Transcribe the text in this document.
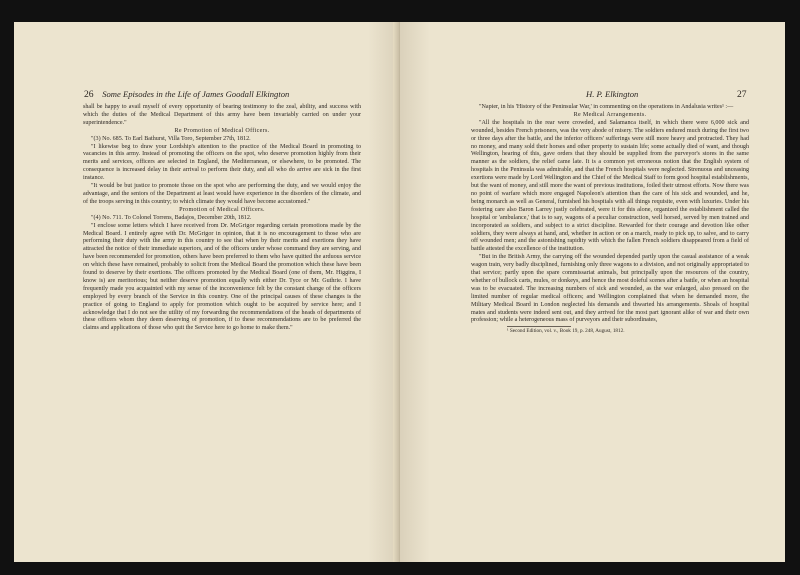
26 Some Episodes in the Life of James Goodall Elkington

shall be happy to avail myself of every opportunity of bearing testimony to the zeal, ability, and success with which the duties of the Medical Department of this army have been invariably carried on under your superintendence."

Re Promotion of Medical Officers.

"(3) No. 685. To Earl Bathurst, Villa Toro, September 27th, 1812.

"I likewise beg to draw your Lordship's attention to the practice of the Medical Board in promoting to vacancies in this army. Instead of promoting the officers on the spot, who deserve promotion highly from their merits and services, officers are selected in England, the Mediterranean, or elsewhere, to be promoted. The consequence is increased delay in their arrival to perform their duty, and all who do arrive are sick in the first instance.

"It would be but justice to promote those on the spot who are performing the duty, and we would enjoy the advantage, and the seniors of the Department at least would have experience in the disorders of the climate, and of the troops serving in this country; to which climate they would have become accustomed."

Promotion of Medical Officers.

"(4) No. 711. To Colonel Torrens, Badajos, December 20th, 1812.

"I enclose some letters which I have received from Dr. McGrigor regarding certain promotions made by the Medical Board. I entirely agree with Dr. McGrigor in opinion, that it is no encouragement to those who are performing their duty with the army in this country to see that when by their merits and exertions they have attracted the notice of their immediate superiors, and of the officers under whose command they are serving, and have been recommended for promotion, others have been preferred to them who have quitted the arduous service on which these have remained, probably to solicit from the Medical Board the promotion which these have been found to deserve by their exertions. The officers promoted by the Medical Board (one of them, Mr. Higgins, I know is) are meritorious; but neither deserve promotion equally with either Dr. Tyce or Mr. Guthrie. I have frequently made you acquainted with my sense of the inconvenience felt by the constant change of the officers employed by every branch of the Service in this country. One of the principal causes of these changes is the practice of going to England to apply for promotion which ought to be acquired by service here; and I acknowledge that I do not see the utility of my forwarding the recommendations of the heads of departments of these officers whom they deem deserving of promotion, if to these recommendations are to be preferred the claims and applications of those who quit the Service here to go home to make them."

H. P. Elkington	27

"Napier, in his 'History of the Peninsular War,' in commenting on the operations in Andalusia writes¹ :—

Re Medical Arrangements.

"All the hospitals in the rear were crowded, and Salamanca itself, in which there were 6,000 sick and wounded, besides French prisoners, was the very abode of misery. The soldiers endured much during the first two or three days after the battle, and the inferior officers' sufferings were still more heavy and protracted. They had no money, and many sold their horses and other property to sustain life; some actually died of want, and though Wellington, hearing of this, gave orders that they should be supplied from the purveyor's stores in the same manner as the soldiers, the relief came late. It is a common yet erroneous notion that the English system of hospitals in the Peninsula was admirable, and that the French hospitals were neglected. Strenuous and unceasing exertions were made by Lord Wellington and the Chief of the Medical Staff to form good hospital establishments, but the want of money, and still more the want of previous institutions, foiled their utmost efforts. Now there was no point of warfare which more engaged Napoleon's attention than the care of his sick and wounded, and he, being monarch as well as General, furnished his hospitals with all things requisite, even with luxuries. Under his fostering care also Baron Larrey justly celebrated, were it for this alone, organized the establishment called the hospital or 'ambulance,' that is to say, wagons of a peculiar construction, well horsed, served by men trained and incorporated as soldiers, and subject to a strict discipline. Rewarded for their courage and devotion like other soldiers, they were always at hand, and, whether in action or on a march, ready to pick up, to salve, and to carry off wounded men; and the astonishing rapidity with which the fallen French soldiers disappeared from a field of battle attested the excellence of the institution.

"But in the British Army, the carrying off the wounded depended partly upon the casual assistance of a weak wagon train, very badly disciplined, furnishing only three wagons to a division, and not originally appropriated to that service; partly upon the spare commissariat animals, but principally upon the resources of the country, whether of bullock carts, mules, or donkeys, and hence the most doleful scenes after a battle, or when an hospital was to be evacuated. The increasing numbers of sick and wounded, as the war enlarged, also pressed on the limited number of regular medical officers; and Wellington complained that when he demanded more, the Military Medical Board in London neglected his demands and thwarted his arrangements. Shoals of hospital mates and students were indeed sent out, and they arrived for the most part ignorant alike of war and their own profession; while a heterogeneous mass of purveyors and their subordinates,

¹ Second Edition, vol. v., Book 19, p. 248, August, 1812.
